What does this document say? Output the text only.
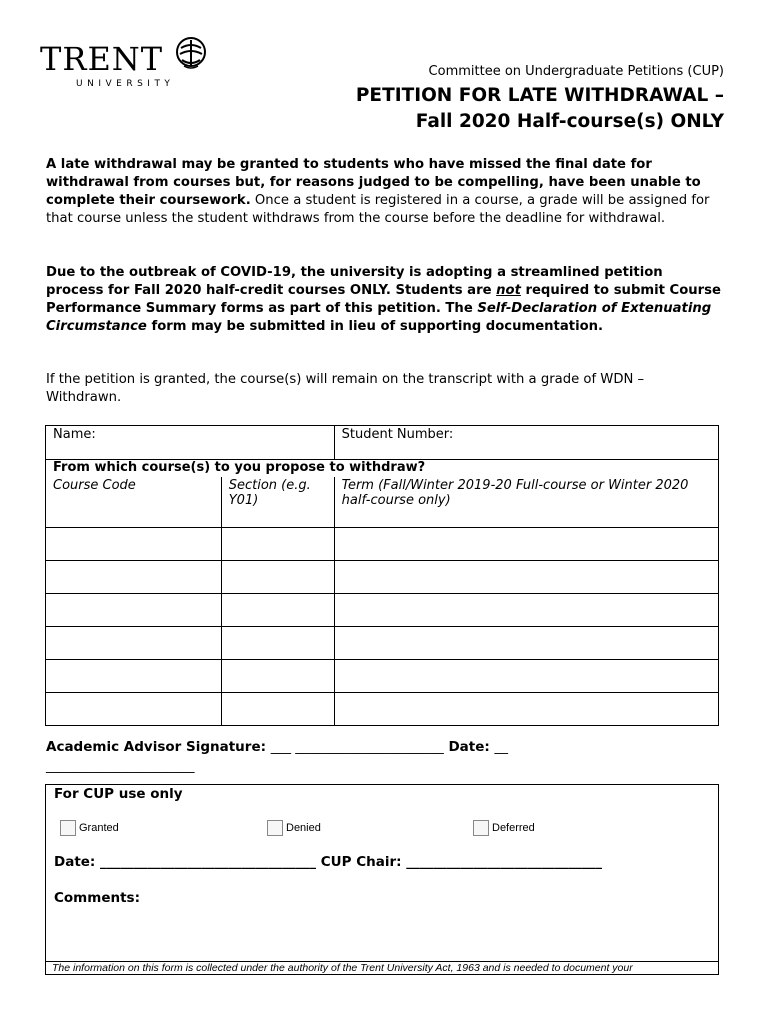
TRENT
UNIVERSITY
Committee on Undergraduate Petitions (CUP)
PETITION FOR LATE WITHDRAWAL –
Fall 2020 Half-course(s) ONLY
A late withdrawal may be granted to students who have missed the final date for withdrawal from courses but, for reasons judged to be compelling, have been unable to complete their coursework. Once a student is registered in a course, a grade will be assigned for that course unless the student withdraws from the course before the deadline for withdrawal.
Due to the outbreak of COVID-19, the university is adopting a streamlined petition process for Fall 2020 half-credit courses ONLY. Students are not required to submit Course Performance Summary forms as part of this petition. The Self-Declaration of Extenuating Circumstance form may be submitted in lieu of supporting documentation.
If the petition is granted, the course(s) will remain on the transcript with a grade of WDN – Withdrawn.
Name:		Student Number:
From which course(s) to you propose to withdraw?		
Course Code	Section (e.g. Y01)	Term (Fall/Winter 2019-20 Full-course or Winter 2020 half-course only)

Academic Advisor Signature: ___ ______________________ Date: __ ______________________
For CUP use only
Granted	Denied	Deferred
Date: ________________________________ CUP Chair: _____________________________
Comments:
The information on this form is collected under the authority of the Trent University Act, 1963 and is needed to document your
